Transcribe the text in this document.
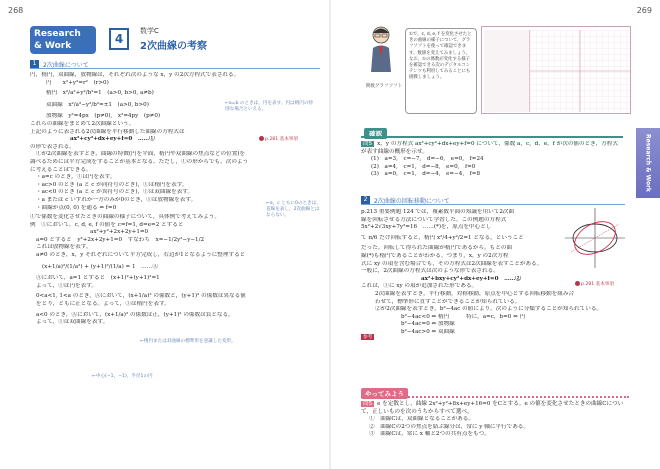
268
Research
& Work	4
数学C
2次曲線の考察
1	2次曲線について
円，楕円，双曲線，放物線は，それぞれ次のような x，y の2次方程式で表される。
円　　x²+y²=r²　(r>0)
楕円　x²/a²+y²/b²=1　(a>0, b>0, a≠b)
双曲線　x²/a²−y²/b²=±1　(a>0, b>0)
放物線　y²=4px　(p≠0),　x²=4py　(p≠0)
これらの曲線をまとめて2次曲線という。
上記のように表される2次曲線を平行移動した曲線の方程式は
ax²+cy²+dx+ey+f=0　……①
の形で表される。
①が2次曲線を表すとき，曲線の特徴(円を平面，楕円や双曲線の焦点などの位置)を
調べるためには平方完成をすることが基本となる。ただし，①の形からでも，次のよう
に考えることはできる。
・a=c のとき，①は円を表す。
・ac>0 のとき (a と c が同符号のとき)，①は楕円を表す。
・ac<0 のとき (a と c が異符号のとき)，①は双曲線を表す。
・a または c いずれか一方のみが0のとき，①は放物線を表す。
・曲線が点(0, 0) を通る ⇔ f=0
①で係数を変化させたときの曲線の様子について，具体例で考えてみよう。
例　①において，c, d, e, f の値を c=f=1, d=e=2 とすると
ax²+y²+2x+2y+1=0
a=0 とすると　y²+2x+2y+1=0　すなわち　x=−1/2y²−y−1/2
これは放物線を表す。
a≠0 のとき，x，y それぞれについて平方完成し，右辺が1となるように整理すると
(x+1/a)²/(1/a²) + (y+1)²/(1/a) = 1　……Ⓐ
Ⓐにおいて，a=1 とすると　(x+1)²+(y+1)²=1
よって，①は円を表す。
0<a<1, 1<a のとき，Ⓐにおいて，(x+1/a)² の係数と，(y+1)² の係数は異なる値
をとり，ともに正となる。よって，①は楕円を表す。
a<0 のとき，Ⓐにおいて，(x+1/a)² の係数は正，(y+1)² の係数は負となる。
よって，①は双曲線を表す。
←a=b のときは，円を表す。円は楕円の特別な場合といえる。
←a，c ともに0のときは，直線を表し，2次曲線とはならない。
←中心(−1，−1)，半径1の円
←楕円または双曲線の標準形を意識した変形。
p.281 基本事項
269
関数グラフソフト
①で，c, d, e, f を変化させたときの曲線の様子について，グラフソフトを使って確認できます。数値を変えてみましょう。なお，①の係数が変化する様子を確認できる次のデジタルコンテンツも利用してみることにも挑戦しましょう。
確認
問5 x，y の方程式 ax²+cy²+dx+ey+f=0 について，係数 a，c，d，e，f が次の値のとき，方程式が表す曲線の概形を示せ。
(1)　a=3,　c=−7,　d=−6,　e=0,　f=24
(2)　a=4,　c=1,　d=−8,　e=0,　f=0
(3)　a=0,　c=1,　d=−4,　e=−4,　f=8
2	2次曲線の回転移動について
p.213 重要例題 124 では，複素数平面の知識を用いて2次曲
線を回転させる方法について学習した。この例題の方程式
5x²+2√3xy+7y²=16　……(*)を，原点を中心とし
て π/6 だけ回転すると，楕円 x²/4+y²/2=1 となる，ということ
だった。回転して得られた曲線が楕円であるから，もとの曲
線(*)も楕円であることがわかる。つまり，x，y の2次方程
式に xy の項を含む場合でも，その方程式は2次曲線を表すことがある。
一般に，2次曲線の方程式は次のような形で表される。
ax²+bxy+cy²+dx+ey+f=0　……②
これは，①に xy の項が追加された形である。
2次曲線を表すとき，平行移動，対称移動，原点を中心とする回転移動を組み合
わせて，標準形に直すことができることが知られている。
②が2次曲線を表すとき，b²−4ac の値により，次のように分類することが知られている。
b²−4ac<0 ⇔ 楕円　　　特に，a=c，b=0 ⇔ 円
b²−4ac=0 ⇔ 放物線
b²−4ac>0 ⇔ 双曲線
参考
p.281 基本事項
やってみよう
問5 e を定数とし，曲線 2x²+y²+8x+ey+16=0 をCとする。e の値を変化させたときの曲線Cについて，正しいものを次のうちからすべて選べ。
①　曲線Cは，双曲線となることがある。
②　曲線Cの2つの焦点を結ぶ線分は，常に y 軸に平行である。
③　曲線Cは，常に x 軸と2つの共有点をもつ。
Research & Work
